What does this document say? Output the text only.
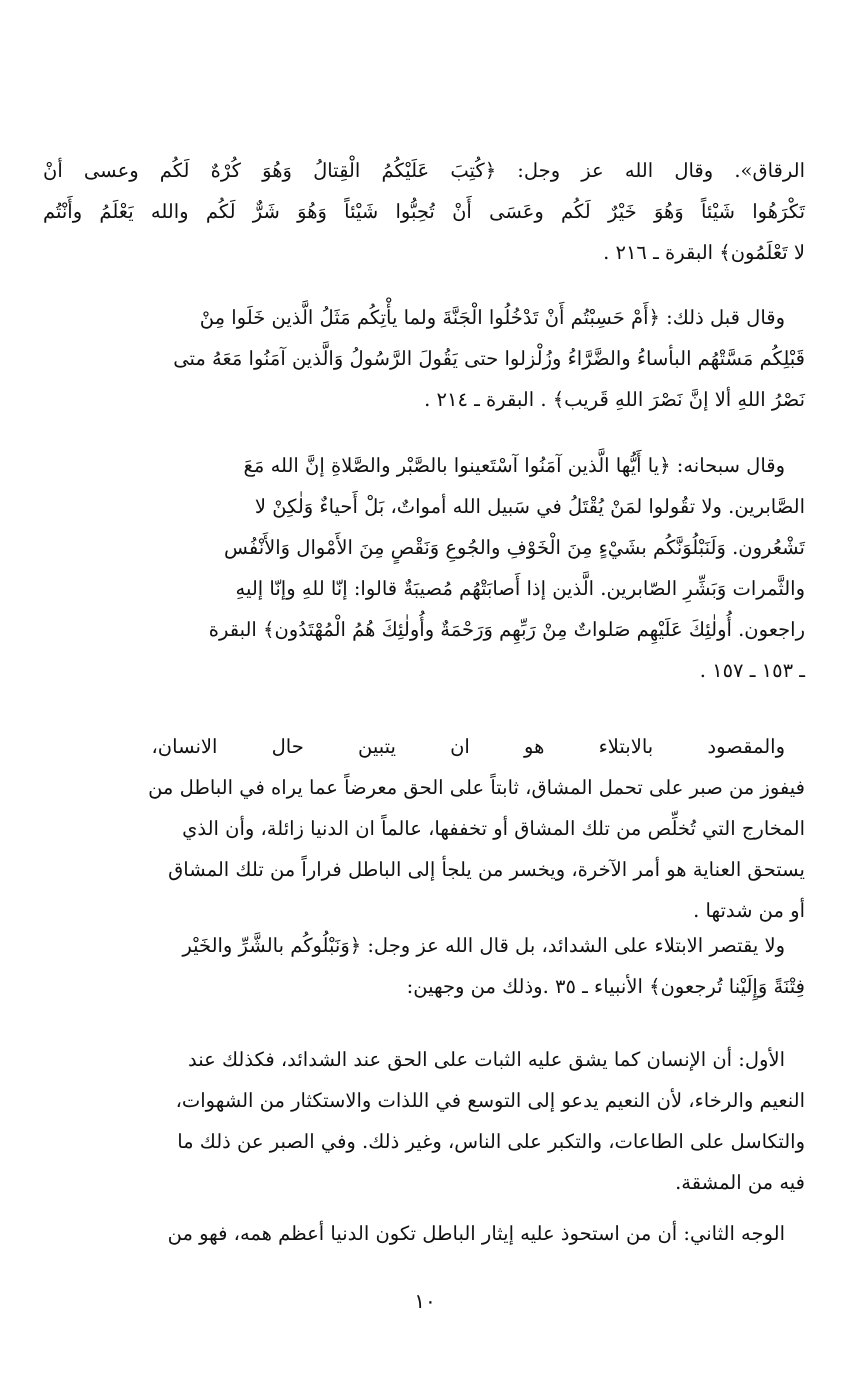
الرقاق». وقال الله عز وجل: ﴿كُتِبَ عَلَيْكُمُ الْقِتالُ وَهُوَ كُرْهٌ لَكُم وعسى أنْ
تَكْرَهُوا شَيْئاً وَهُوَ خَيْرٌ لَكُم وعَسَى أَنْ تُحِبُّوا شَيْئاً وَهُوَ شَرٌّ لَكُم والله يَعْلَمُ وأَنْتُم
لا تَعْلَمُون﴾ البقرة ـ ٢١٦ .
وقال قبل ذلك: ﴿أَمْ حَسِبْتُم أَنْ تَدْخُلُوا الْجَنَّةَ ولما يأْتِكُم مَثَلُ الَّذين خَلَوا مِنْ
قَبْلِكُم مَسَّتْهُم البأساءُ والضَّرَّاءُ وزُلْزلوا حتى يَقُولَ الرَّسُولُ وَالَّذين آمَنُوا مَعَهُ متى
نَصْرُ اللهِ ألا إنَّ نَصْرَ اللهِ قَريب﴾ . البقرة ـ ٢١٤ .
وقال سبحانه: ﴿يا أَيُّها الَّذين آمَنُوا آسْتَعينوا بالصَّبْر والصَّلاةِ إنَّ الله مَعَ
الصَّابرين. ولا تقُولوا لمَنْ يُقْتَلُ في سَبيل الله أمواتٌ، بَلْ أَحياءٌ وَلٰكِنْ لا
تَشْعُرون. وَلَنَبْلُوَنَّكُم بشَيْءٍ مِنَ الْخَوْفِ والجُوعِ وَنَقْصٍ مِنَ الأَمْوال وَالأَنْفُس
والثَّمرات وَبَشِّرِ الصّابرين. الَّذين إذا أَصابَتْهُم مُصيبَةٌ قالوا: إنّا للهِ وإنّا إليهِ
راجعون. أُولٰئِكَ عَلَيْهِم صَلواتٌ مِنْ رَبِّهِم وَرَحْمَةٌ وأُولٰئِكَ هُمُ الْمُهْتَدُون﴾ البقرة
ـ ١٥٣ ـ ١٥٧ .
والمقصود بالابتلاء هو ان يتبين حال الانسان،
فيفوز من صبر على تحمل المشاق، ثابتاً على الحق معرضاً عما يراه في الباطل من
المخارج التي تُخلِّص من تلك المشاق أو تخففها، عالماً ان الدنيا زائلة، وأن الذي
يستحق العناية هو أمر الآخرة، ويخسر من يلجأ إلى الباطل فراراً من تلك المشاق
أو من شدتها .
ولا يقتصر الابتلاء على الشدائد، بل قال الله عز وجل: ﴿وَنَبْلُوكُم بالشَّرِّ والخَيْر
فِتْنَةً وَإِلَيْنا تُرجعون﴾ الأنبياء ـ ٣٥ .وذلك من وجهين:
الأول: أن الإنسان كما يشق عليه الثبات على الحق عند الشدائد، فكذلك عند
النعيم والرخاء، لأن النعيم يدعو إلى التوسع في اللذات والاستكثار من الشهوات،
والتكاسل على الطاعات، والتكبر على الناس، وغير ذلك. وفي الصبر عن ذلك ما
فيه من المشقة.
الوجه الثاني: أن من استحوذ عليه إيثار الباطل تكون الدنيا أعظم همه، فهو من
١٠
